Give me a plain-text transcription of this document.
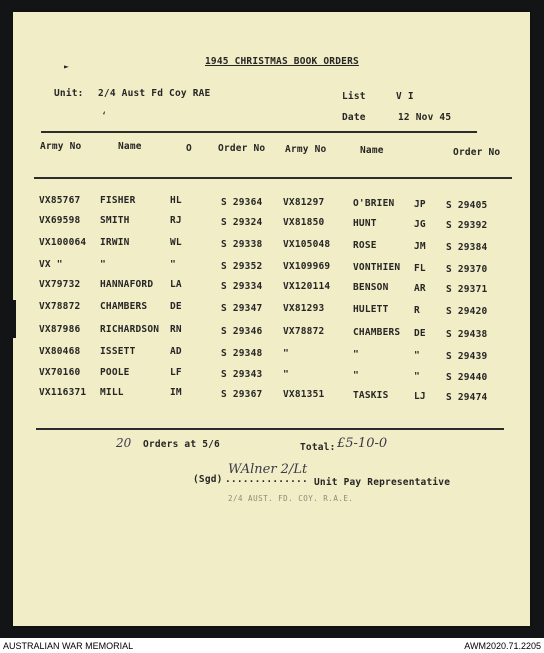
1945 CHRISTMAS BOOK ORDERS
►
Unit: 2/4 Aust Fd Coy RAE	List	V I
Date	12 Nov 45
‘
Army No	Name	O	Order No Army No	Name	Order No
VX85767 FISHER	HL	S 29364 VX81297	O'BRIEN JP S 29405
VX69598 SMITH	RJ	S 29324 VX81850	HUNT	JG S 29392
VX100064 IRWIN	WL	S 29338 VX105048 ROSE	JM S 29384
VX "	"	"	S 29352 VX109969 VONTHIEN FL S 29370
VX79732 HANNAFORD LA	S 29334 VX120114 BENSON	AR S 29371
VX78872 CHAMBERS DE	S 29347 VX81293	HULETT	R	S 29420
VX87986 RICHARDSON RN	S 29346 VX78872	CHAMBERS DE S 29438
VX80468 ISSETT	AD	S 29348 "	"	"	S 29439
VX70160 POOLE	LF	S 29343 "	"	"	S 29440
VX116371 MILL	IM	S 29367 VX81351	TASKIS	LJ S 29474
20 Orders at 5/6	Total: £5-10-0
(Sgd) ..............
WAlner 2/Lt
Unit Pay Representative
2/4 AUST. FD. COY. R.A.E.
AUSTRALIAN WAR MEMORIAL	AWM2020.71.2205
